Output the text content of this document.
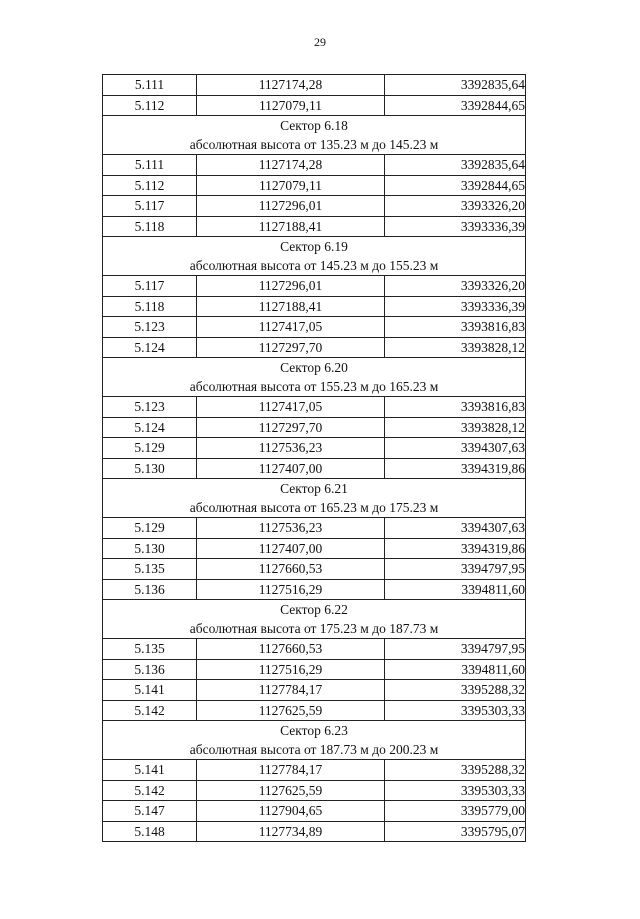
29
5.111	1127174,28	3392835,64
5.112	1127079,11	3392844,65

Сектор 6.18
абсолютная высота от 135.23 м до 145.23 м		

5.111	1127174,28	3392835,64
5.112	1127079,11	3392844,65
5.117	1127296,01	3393326,20
5.118	1127188,41	3393336,39

Сектор 6.19
абсолютная высота от 145.23 м до 155.23 м		

5.117	1127296,01	3393326,20
5.118	1127188,41	3393336,39
5.123	1127417,05	3393816,83
5.124	1127297,70	3393828,12

Сектор 6.20
абсолютная высота от 155.23 м до 165.23 м		

5.123	1127417,05	3393816,83
5.124	1127297,70	3393828,12
5.129	1127536,23	3394307,63
5.130	1127407,00	3394319,86

Сектор 6.21
абсолютная высота от 165.23 м до 175.23 м		

5.129	1127536,23	3394307,63
5.130	1127407,00	3394319,86
5.135	1127660,53	3394797,95
5.136	1127516,29	3394811,60

Сектор 6.22
абсолютная высота от 175.23 м до 187.73 м		

5.135	1127660,53	3394797,95
5.136	1127516,29	3394811,60
5.141	1127784,17	3395288,32
5.142	1127625,59	3395303,33

Сектор 6.23
абсолютная высота от 187.73 м до 200.23 м		

5.141	1127784,17	3395288,32
5.142	1127625,59	3395303,33
5.147	1127904,65	3395779,00
5.148	1127734,89	3395795,07
